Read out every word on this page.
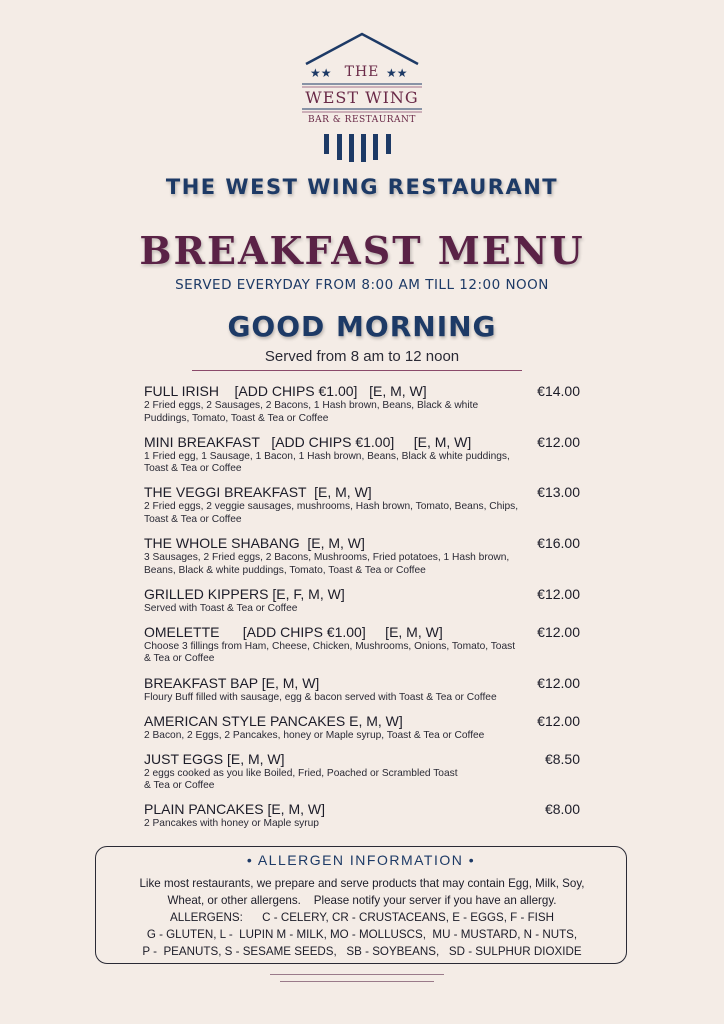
★★	★★
THE
WEST WING
BAR & RESTAURANT
THE WEST WING RESTAURANT
BREAKFAST MENU
SERVED EVERYDAY FROM 8:00 AM TILL 12:00 NOON
GOOD MORNING
Served from 8 am to 12 noon
FULL IRISH    [ADD CHIPS €1.00]   [E, M, W]	€14.00
2 Fried eggs, 2 Sausages, 2 Bacons, 1 Hash brown, Beans, Black & white Puddings, Tomato, Toast & Tea or Coffee
MINI BREAKFAST   [ADD CHIPS €1.00]     [E, M, W]	€12.00
1 Fried egg, 1 Sausage, 1 Bacon, 1 Hash brown, Beans, Black & white puddings, Toast & Tea or Coffee
THE VEGGI BREAKFAST  [E, M, W]	€13.00
2 Fried eggs, 2 veggie sausages, mushrooms, Hash brown, Tomato, Beans, Chips, Toast & Tea or Coffee
THE WHOLE SHABANG  [E, M, W]	€16.00
3 Sausages, 2 Fried eggs, 2 Bacons, Mushrooms, Fried potatoes, 1 Hash brown, Beans, Black & white puddings, Tomato, Toast & Tea or Coffee
GRILLED KIPPERS [E, F, M, W]	€12.00
Served with Toast & Tea or Coffee
OMELETTE      [ADD CHIPS €1.00]     [E, M, W]	€12.00
Choose 3 fillings from Ham, Cheese, Chicken, Mushrooms, Onions, Tomato, Toast & Tea or Coffee
BREAKFAST BAP [E, M, W]	€12.00
Floury Buff filled with sausage, egg & bacon served with Toast & Tea or Coffee
AMERICAN STYLE PANCAKES E, M, W]	€12.00
2 Bacon, 2 Eggs, 2 Pancakes, honey or Maple syrup, Toast & Tea or Coffee
JUST EGGS [E, M, W]	€8.50
2 eggs cooked as you like Boiled, Fried, Poached or Scrambled Toast & Tea or Coffee
PLAIN PANCAKES [E, M, W]	€8.00
2 Pancakes with honey or Maple syrup
• ALLERGEN INFORMATION •
Like most restaurants, we prepare and serve products that may contain Egg, Milk, Soy,
Wheat, or other allergens.    Please notify your server if you have an allergy.
ALLERGENS:      C - CELERY, CR - CRUSTACEANS, E - EGGS, F - FISH
G - GLUTEN, L -  LUPIN M - MILK, MO - MOLLUSCS,  MU - MUSTARD, N - NUTS,
P -  PEANUTS, S - SESAME SEEDS,   SB - SOYBEANS,   SD - SULPHUR DIOXIDE
